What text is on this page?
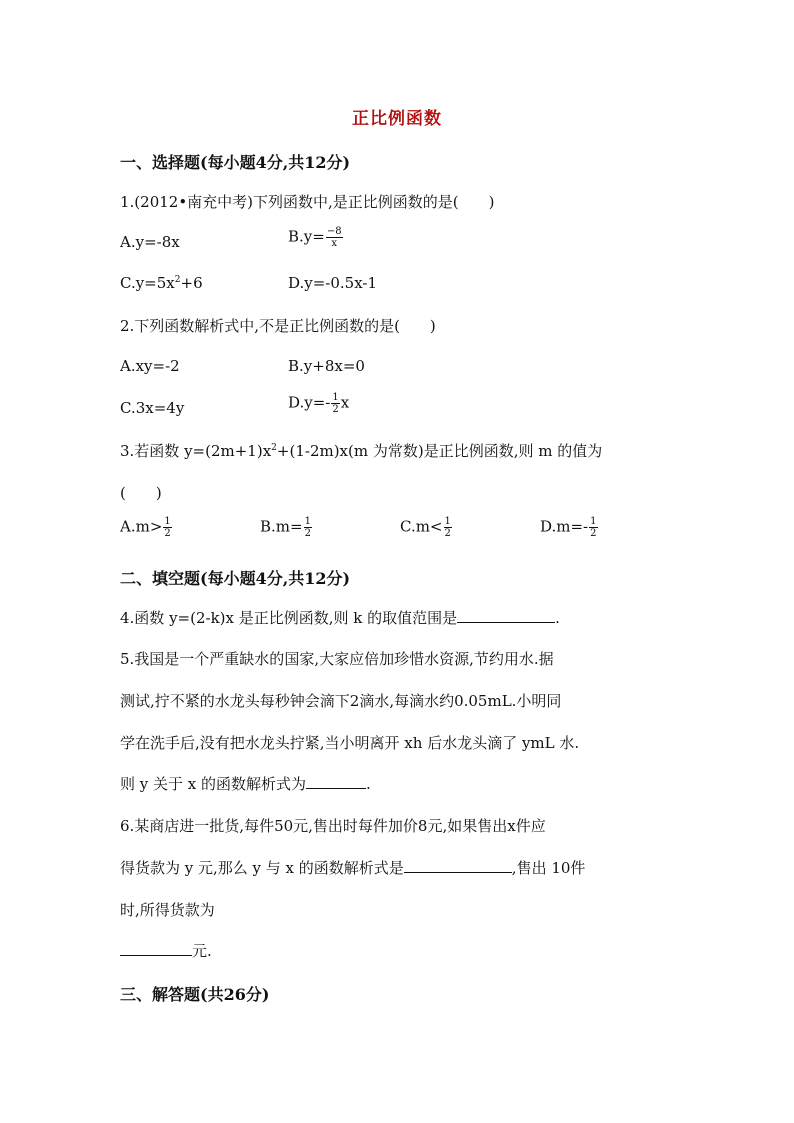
正比例函数
一、选择题(每小题4分,共12分)
1.(2012•南充中考)下列函数中,是正比例函数的是(　　)
A.y=-8x	$B.y= \frac{-8}{x}$
$C.y=5x^2+6$	D.y=-0.5x-1
2.下列函数解析式中,不是正比例函数的是(　　)
A.xy=-2	B.y+8x=0
C.3x=4y	$D.y=- \frac{1}{2}$ x
3.若函数 $y=(2m+1)x^2+(1-2m)x(m$ 为常数)是正比例函数,则 m 的值为
(　　)
$A.m> \frac{1}{2}$	$B.m= \frac{1}{2}$	$C.m< \frac{1}{2}$	$D.m=- \frac{1}{2}$
二、填空题(每小题4分,共12分)
4.函数 y=(2-k)x 是正比例函数,则 k 的取值范围是	.
5.我国是一个严重缺水的国家,大家应倍加珍惜水资源,节约用水.据
测试,拧不紧的水龙头每秒钟会滴下2滴水,每滴水约0.05mL.小明同
学在洗手后,没有把水龙头拧紧,当小明离开 xh 后水龙头滴了 ymL 水.
则 y 关于 x 的函数解析式为	.
6.某商店进一批货,每件50元,售出时每件加价8元,如果售出x件应
得货款为 y 元,那么 y 与 x 的函数解析式是	,售出 10件
时,所得货款为
元.
三、解答题(共26分)
